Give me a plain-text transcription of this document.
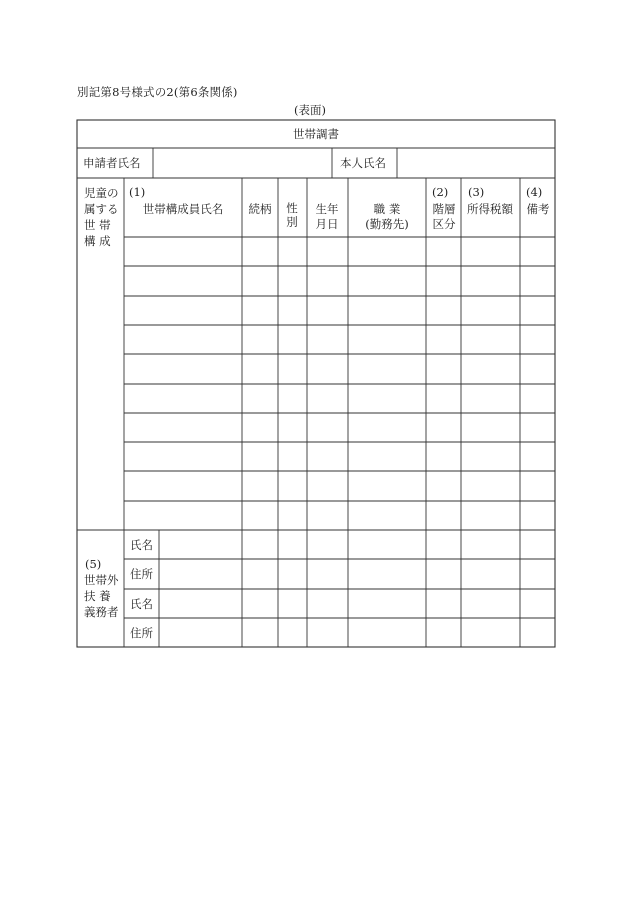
別記第8号様式の2(第6条関係)
(表面)
世帯調書
申請者氏名	本人氏名
児童の
属する
世 帯
構 成
(1)
世帯構成員氏名 続柄 性
別
生年
月日
職 業
(勤務先)
(2)
階層
区分
(3)
所得税額
(4)
備考
(5)
世帯外
扶 養
義務者
氏名
住所
氏名
住所
